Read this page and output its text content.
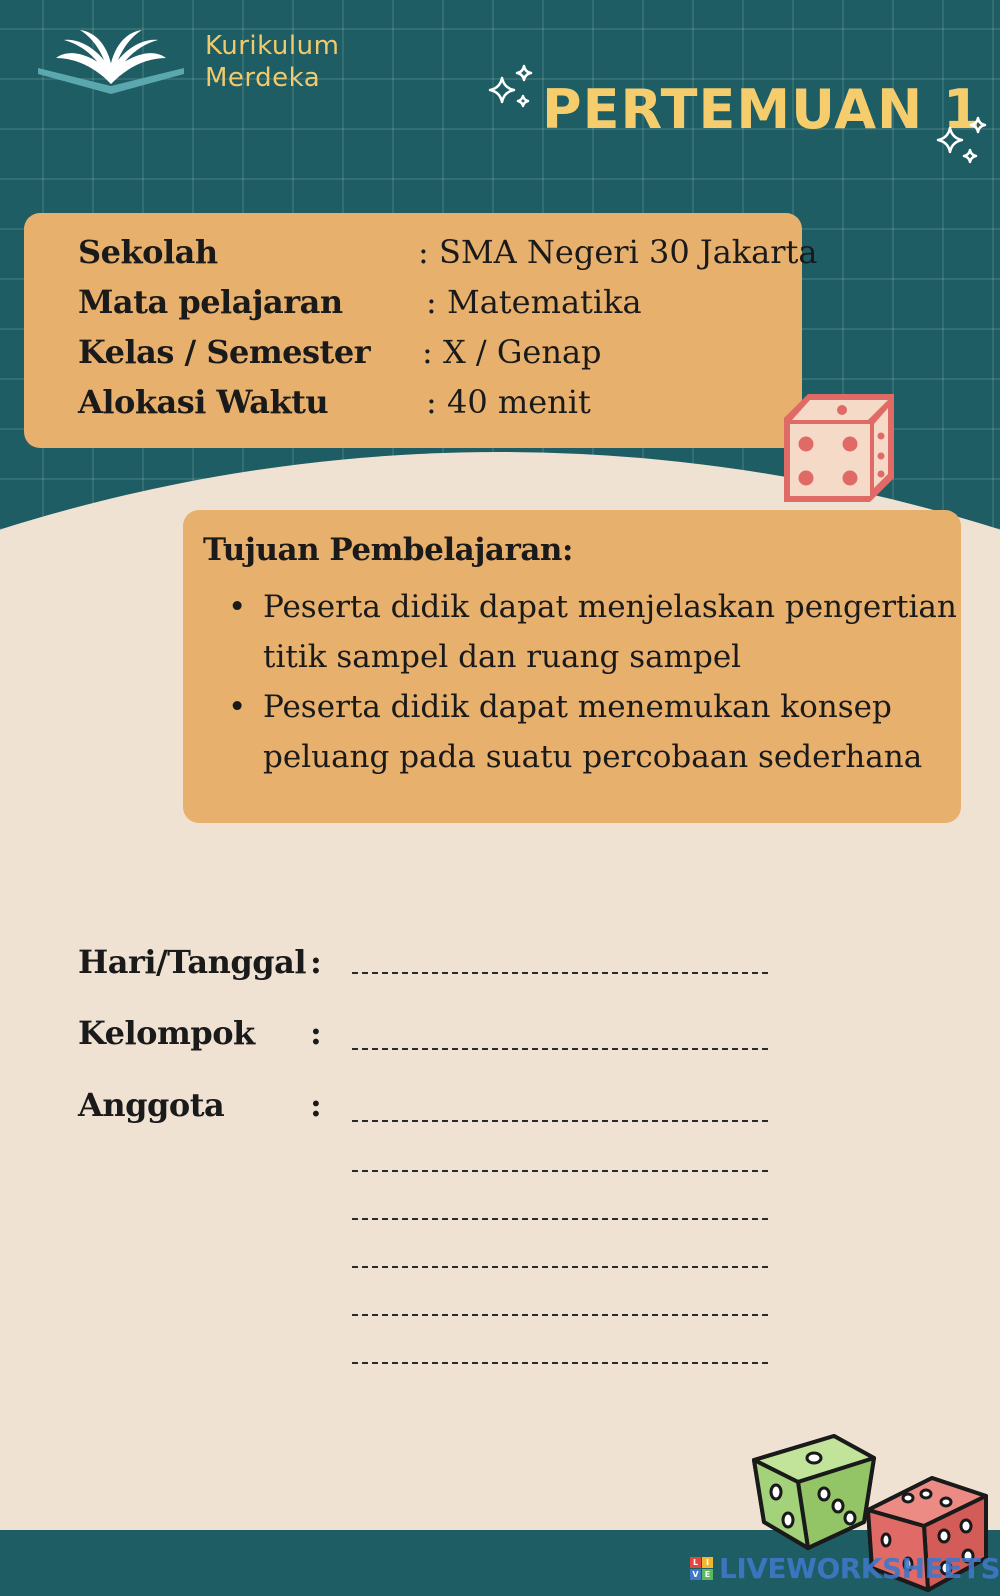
Kurikulum
Merdeka	PERTEMUAN 1
Sekolah	: SMA Negeri 30 Jakarta
Mata pelajaran	: Matematika
Kelas / Semester : X / Genap
Alokasi Waktu	: 40 menit
Tujuan Pembelajaran:
• Peserta didik dapat menjelaskan pengertian titik sampel dan ruang sampel
• Peserta didik dapat menemukan konsep peluang pada suatu percobaan sederhana
Hari/Tanggal :
Kelompok :
Anggota	:
L I
V E LIVEWORKSHEETS
